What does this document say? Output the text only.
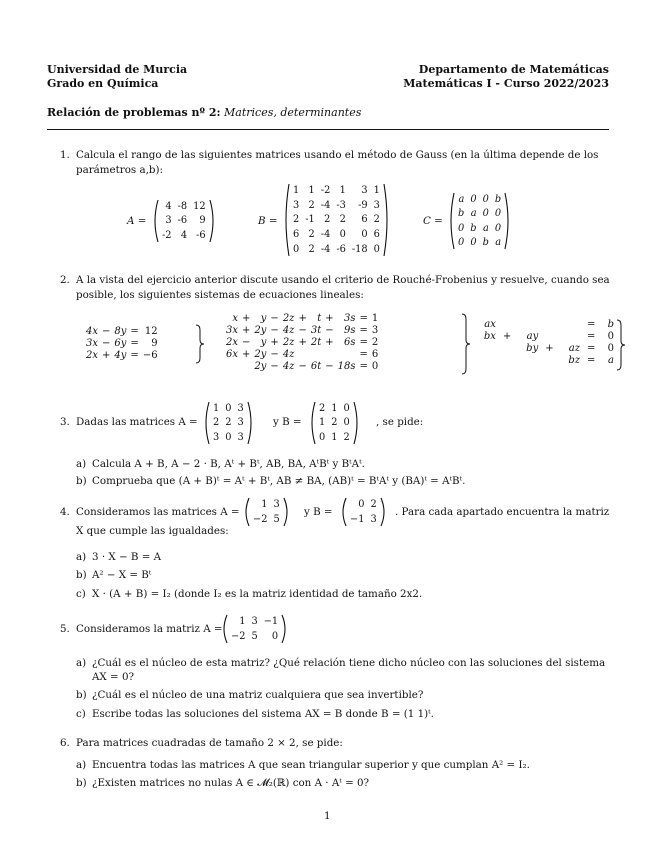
Universidad de Murcia
Grado en Química
Departamento de Matemáticas
Matemáticas I - Curso 2022/2023
Relación de problemas nº 2: Matrices, determinantes
1. Calcula el rango de las siguientes matrices usando el método de Gauss (en la última depende de los
parámetros a,b):
A =
4	-8	12
3	-6	9
-2	4	-6
B =
1	1	-2	1	3	1
3	2	-4	-3	-9	3
2	-1	2	2	6	2
6	2	-4	0	0	6
0	2	-4	-6	-18	0
C =
a	0	0	b
b	a	0	0
0	b	a	0
0	0	b	a
2. A la vista del ejercicio anterior discute usando el criterio de Rouché-Frobenius y resuelve, cuando sea
posible, los siguientes sistemas de ecuaciones lineales:
4x	−	8y	=	12
3x	−	6y	=	9
2x	+	4y	=	−6
x	+	y	−	2z	+	t	+	3s	=	1
3x	+	2y	−	4z	−	3t	−	9s	=	3
2x	−	y	+	2z	+	2t	+	6s	=	2
6x	+	2y	−	4z					=	6
		2y	−	4z	−	6t	−	18s	=	0
ax					=	b
bx	+	ay			=	0
		by	+	az	=	0
				bz	=	a
3. Dadas las matrices A =
1	0	3
2	2	3
3	0	3
y B =
2	1	0
1	2	0
0	1	2
, se pide:
a) Calcula A + B, A − 2 · B, Aᵗ + Bᵗ, AB, BA, AᵗBᵗ y BᵗAᵗ.
b) Comprueba que (A + B)ᵗ = Aᵗ + Bᵗ, AB ≠ BA, (AB)ᵗ = BᵗAᵗ y (BA)ᵗ = AᵗBᵗ.
4. Consideramos las matrices A =
1	3
−2	5
y B =
0	2
−1	3
. Para cada apartado encuentra la matriz
X que cumple las igualdades:
a) 3 · X − B = A
b) A² − X = Bᵗ
c) X · (A + B) = I₂ (donde I₂ es la matriz identidad de tamaño 2x2.
5. Consideramos la matriz A =
1	3	−1
−2	5	0
a) ¿Cuál es el núcleo de esta matriz? ¿Qué relación tiene dicho núcleo con las soluciones del sistema
AX = 0?
b) ¿Cuál es el núcleo de una matriz cualquiera que sea invertible?
c) Escribe todas las soluciones del sistema AX = B donde B = (1 1)ᵗ.
6. Para matrices cuadradas de tamaño 2 × 2, se pide:
a) Encuentra todas las matrices A que sean triangular superior y que cumplan A² = I₂.
b) ¿Existen matrices no nulas A ∈ 𝓜₂(ℝ) con A · Aᵗ = 0?
1
